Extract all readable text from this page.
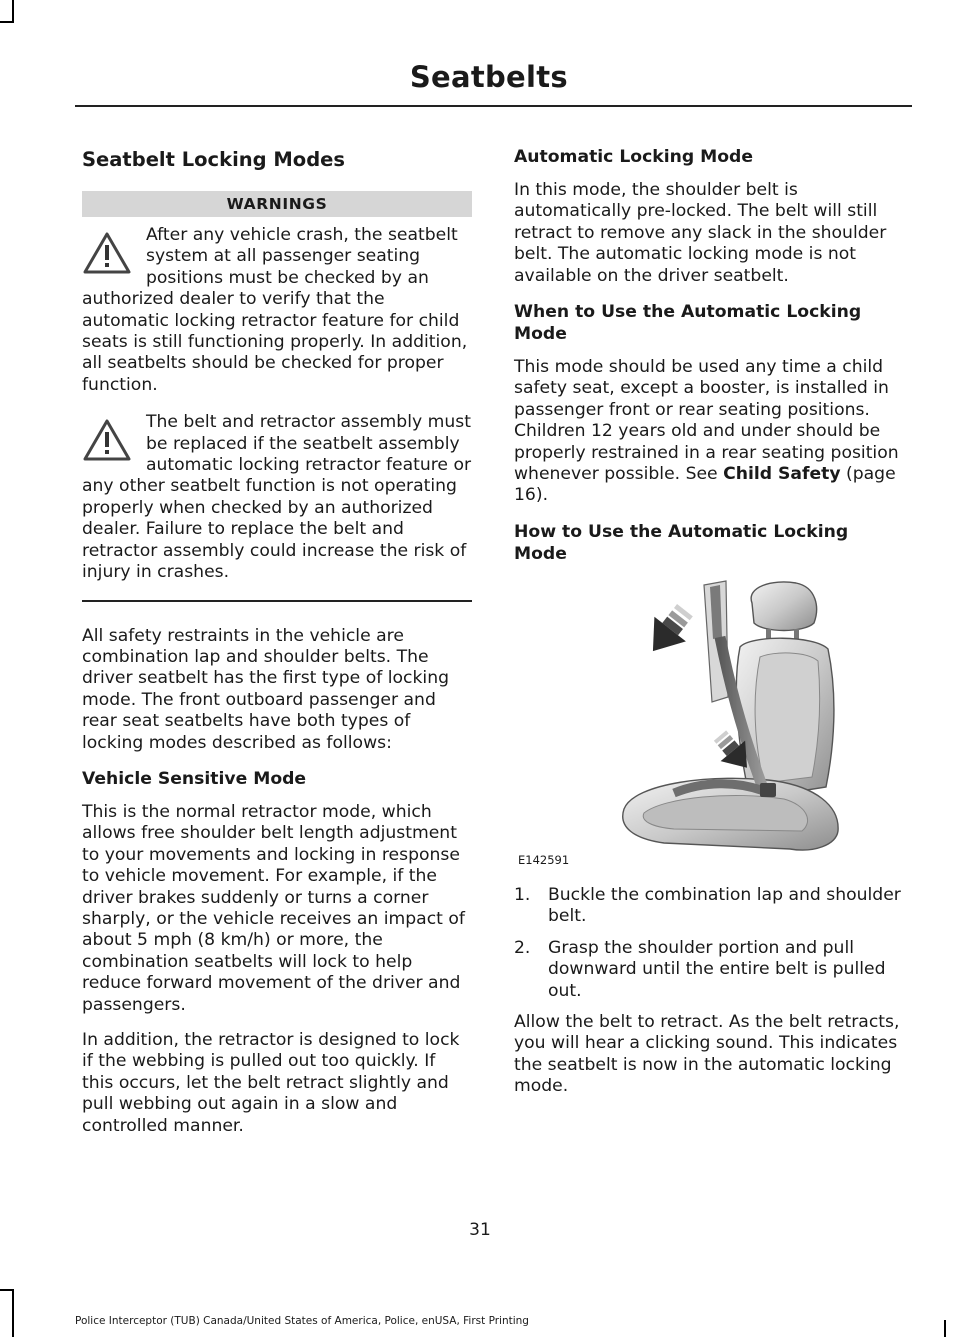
Seatbelts
Seatbelt Locking Modes
WARNINGS

After any vehicle crash, the seatbelt system at all passenger seating positions must be checked by an authorized dealer to verify that the automatic locking retractor feature for child seats is still functioning properly. In addition, all seatbelts should be checked for proper function.

The belt and retractor assembly must be replaced if the seatbelt assembly automatic locking retractor feature or any other seatbelt function is not operating properly when checked by an authorized dealer. Failure to replace the belt and retractor assembly could increase the risk of injury in crashes.

All safety restraints in the vehicle are combination lap and shoulder belts. The driver seatbelt has the first type of locking mode. The front outboard passenger and rear seat seatbelts have both types of locking modes described as follows:

Vehicle Sensitive Mode

This is the normal retractor mode, which allows free shoulder belt length adjustment to your movements and locking in response to vehicle movement. For example, if the driver brakes suddenly or turns a corner sharply, or the vehicle receives an impact of about 5 mph (8 km/h) or more, the combination seatbelts will lock to help reduce forward movement of the driver and passengers.

In addition, the retractor is designed to lock if the webbing is pulled out too quickly. If this occurs, let the belt retract slightly and pull webbing out again in a slow and controlled manner.

Automatic Locking Mode

In this mode, the shoulder belt is automatically pre-locked. The belt will still retract to remove any slack in the shoulder belt. The automatic locking mode is not available on the driver seatbelt.

When to Use the Automatic Locking Mode

This mode should be used any time a child safety seat, except a booster, is installed in passenger front or rear seating positions. Children 12 years old and under should be properly restrained in a rear seating position whenever possible. See Child Safety (page 16).

How to Use the Automatic Locking Mode
E142591
1. Buckle the combination lap and shoulder belt.
2. Grasp the shoulder portion and pull downward until the entire belt is pulled out.

Allow the belt to retract. As the belt retracts, you will hear a clicking sound. This indicates the seatbelt is now in the automatic locking mode.

31
Police Interceptor (TUB) Canada/United States of America, Police, enUSA, First Printing
